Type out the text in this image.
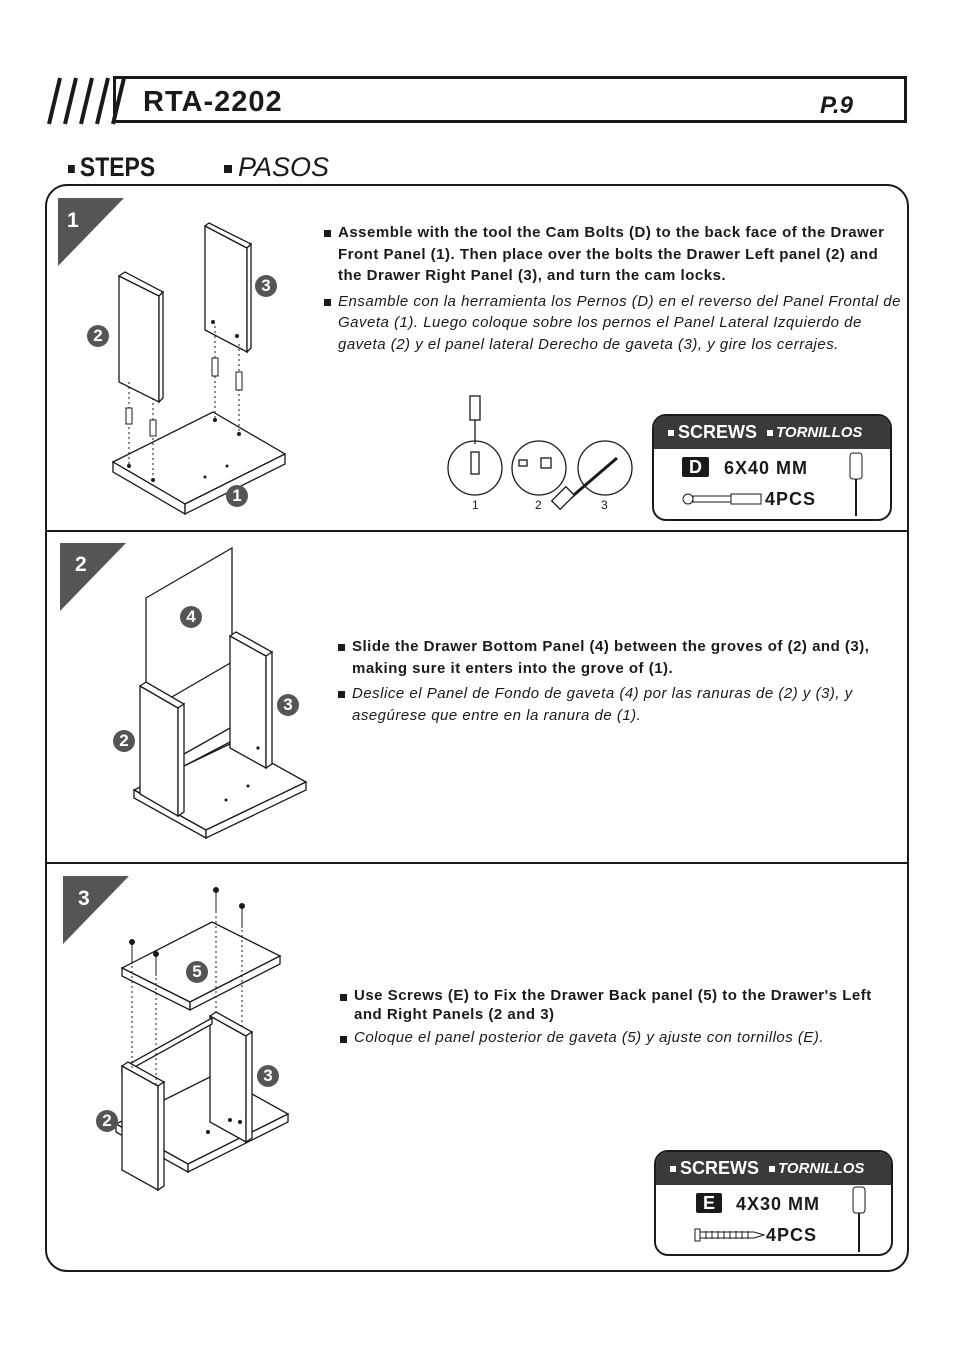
RTA-2202	P.9
STEPS	PASOS
1
1
2
3

Assemble with the tool the Cam Bolts (D) to the back face of the Drawer Front Panel (1). Then place over the bolts the Drawer Left panel (2) and the Drawer Right Panel (3), and turn the cam locks.

Ensamble con la herramienta los Pernos (D) en el reverso del Panel Frontal de Gaveta (1). Luego coloque sobre los pernos el Panel Lateral Izquierdo de gaveta (2) y el panel lateral Derecho de gaveta (3), y gire los cerrajes.

1	2	3
SCREWS TORNILLOS
D	6X40 MM
4PCS
2
4
3
2

Slide the Drawer Bottom Panel (4) between the groves of (2) and (3), making sure it enters into the grove of (1).

Deslice el Panel de Fondo de gaveta (4) por las ranuras de (2) y (3), y asegúrese que entre en la ranura de (1).

3
5
3
2

Use Screws (E) to Fix the Drawer Back panel (5) to the Drawer's Left and Right Panels (2 and 3)

Coloque el panel posterior de gaveta (5) y ajuste con tornillos (E).

SCREWS TORNILLOS
E	4X30 MM
4PCS
